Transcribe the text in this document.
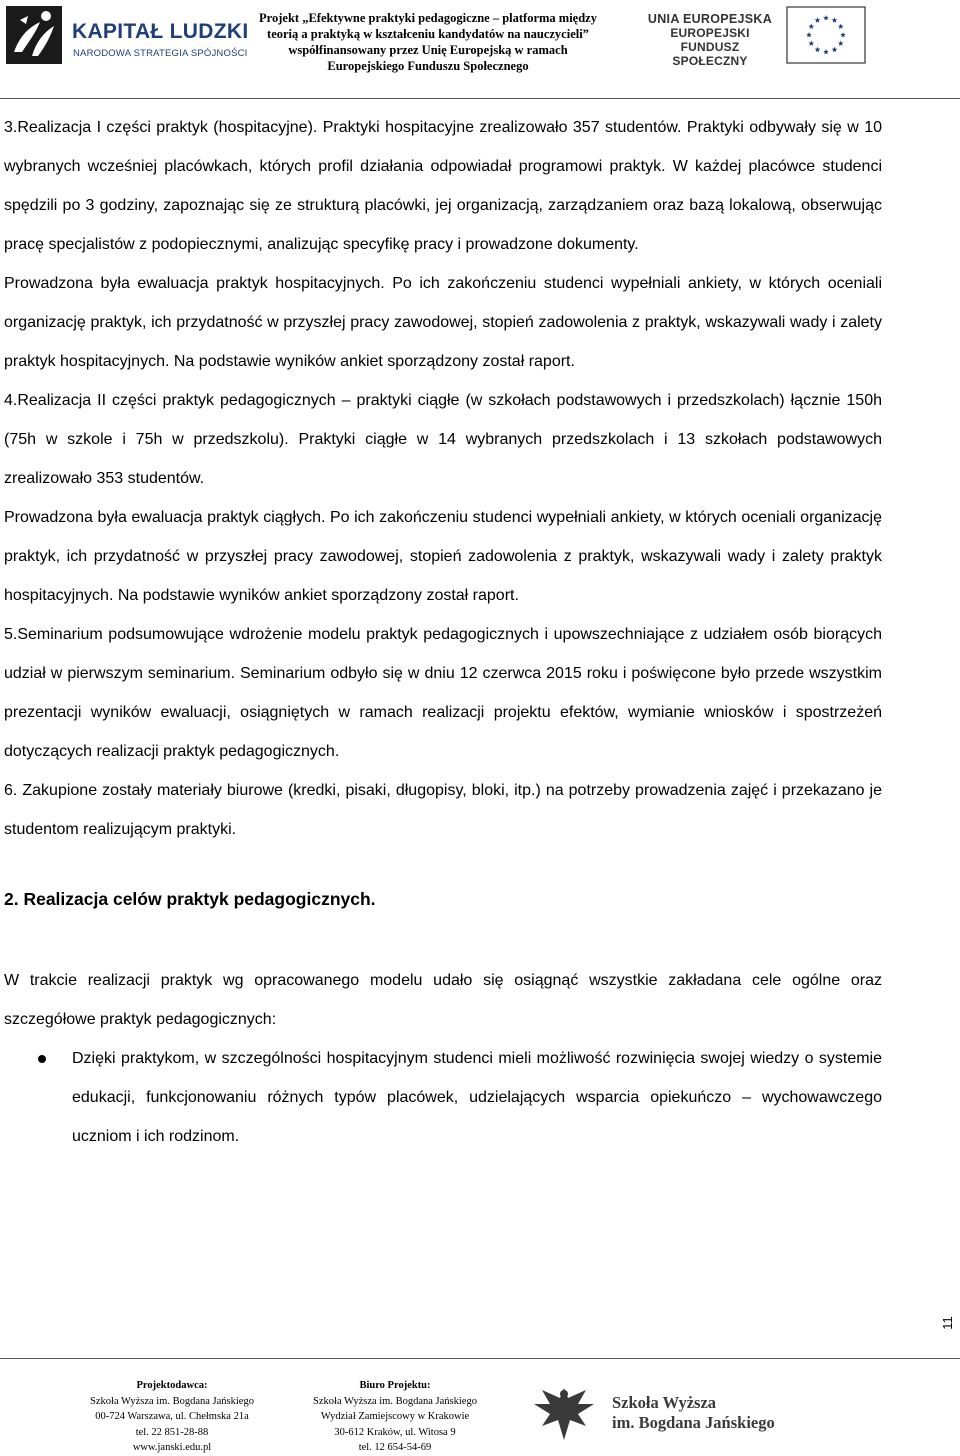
KAPITAŁ LUDZKI
NARODOWA STRATEGIA SPÓJNOŚCI
Projekt „Efektywne praktyki pedagogiczne – platforma między
teorią a praktyką w kształceniu kandydatów na nauczycieli”
współfinansowany przez Unię Europejską w ramach
Europejskiego Funduszu Społecznego
UNIA EUROPEJSKA
EUROPEJSKI
FUNDUSZ SPOŁECZNY

3.Realizacja I części praktyk (hospitacyjne). Praktyki hospitacyjne zrealizowało 357 studentów. Praktyki odbywały się w 10 wybranych wcześniej placówkach, których profil działania odpowiadał programowi praktyk. W każdej placówce studenci spędzili po 3 godziny, zapoznając się ze strukturą placówki, jej organizacją, zarządzaniem oraz bazą lokalową, obserwując pracę specjalistów z podopiecznymi, analizując specyfikę pracy i prowadzone dokumenty.

Prowadzona była ewaluacja praktyk hospitacyjnych. Po ich zakończeniu studenci wypełniali ankiety, w których oceniali organizację praktyk, ich przydatność w przyszłej pracy zawodowej, stopień zadowolenia z praktyk, wskazywali wady i zalety praktyk hospitacyjnych. Na podstawie wyników ankiet sporządzony został raport.

4.Realizacja II części praktyk pedagogicznych – praktyki ciągłe (w szkołach podstawowych i przedszkolach) łącznie 150h (75h w szkole i 75h w przedszkolu). Praktyki ciągłe w 14 wybranych przedszkolach i 13 szkołach podstawowych zrealizowało 353 studentów.

Prowadzona była ewaluacja praktyk ciągłych. Po ich zakończeniu studenci wypełniali ankiety, w których oceniali organizację praktyk, ich przydatność w przyszłej pracy zawodowej, stopień zadowolenia z praktyk, wskazywali wady i zalety praktyk hospitacyjnych. Na podstawie wyników ankiet sporządzony został raport.

5.Seminarium podsumowujące wdrożenie modelu praktyk pedagogicznych i upowszechniające z udziałem osób biorących udział w pierwszym seminarium. Seminarium odbyło się w dniu 12 czerwca 2015 roku i poświęcone było przede wszystkim prezentacji wyników ewaluacji, osiągniętych w ramach realizacji projektu efektów, wymianie wniosków i spostrzeżeń dotyczących realizacji praktyk pedagogicznych.

6. Zakupione zostały materiały biurowe (kredki, pisaki, długopisy, bloki, itp.) na potrzeby prowadzenia zajęć i przekazano je studentom realizującym praktyki.

2. Realizacja celów praktyk pedagogicznych.

W trakcie realizacji praktyk wg opracowanego modelu udało się osiągnąć wszystkie zakładana cele ogólne oraz szczegółowe praktyk pedagogicznych:

Dzięki praktykom, w szczególności hospitacyjnym studenci mieli możliwość rozwinięcia swojej wiedzy o systemie edukacji, funkcjonowaniu różnych typów placówek, udzielających wsparcia opiekuńczo – wychowawczego uczniom i ich rodzinom.
11
Projektodawca:
Szkoła Wyższa im. Bogdana Jańskiego
00-724 Warszawa, ul. Chełmska 21a
tel. 22 851-28-88
www.janski.edu.pl
Biuro Projektu:
Szkoła Wyższa im. Bogdana Jańskiego
Wydział Zamiejscowy w Krakowie
30-612 Kraków, ul. Witosa 9
tel. 12 654-54-69
Szkoła Wyższa
im. Bogdana Jańskiego
